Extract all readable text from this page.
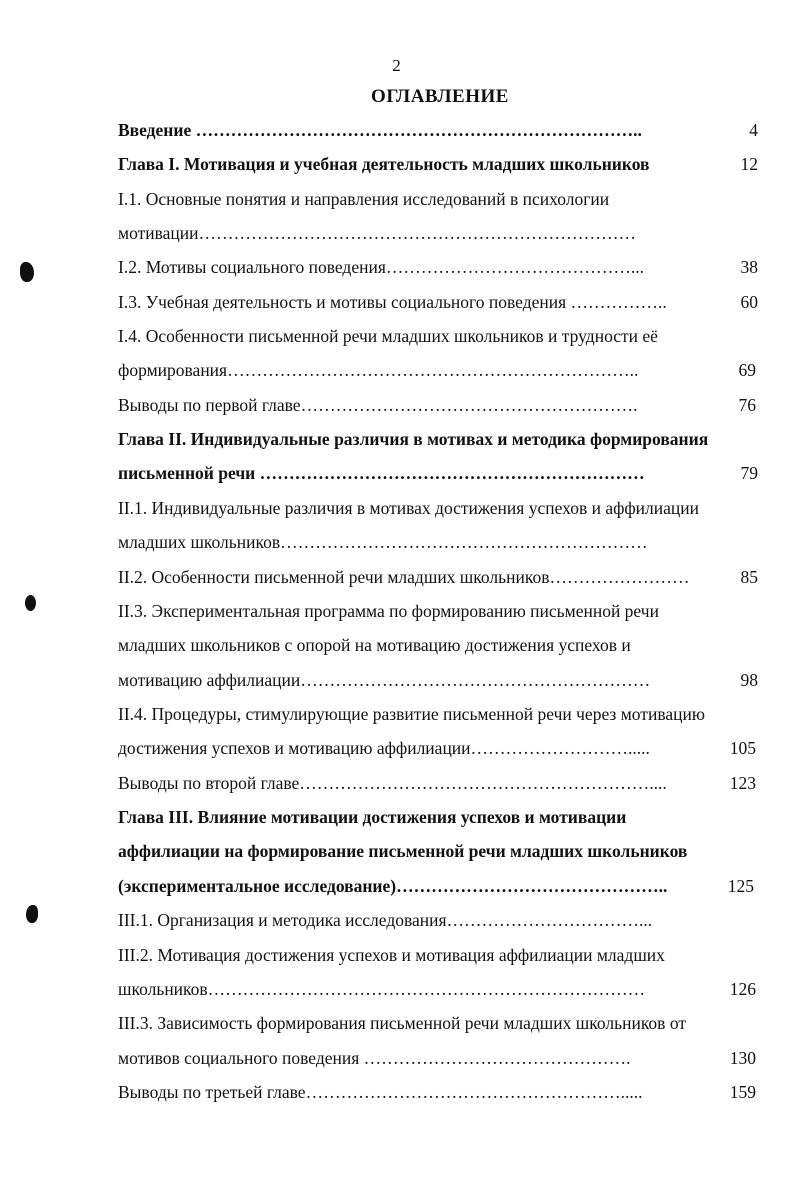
2
ОГЛАВЛЕНИЕ
Введение …………………………………………………………………..	4
Глава I. Мотивация и учебная деятельность младших школьников	12
I.1. Основные понятия и направления исследований в психологии
мотивации…………………………………………………………………
I.2. Мотивы социального поведения……………………………………...	38
I.3. Учебная деятельность и мотивы социального поведения ……………..	60
I.4. Особенности письменной речи младших школьников и трудности её
формирования……………………………………………………………..	69
Выводы по первой главе………………………………………………….	76
Глава II. Индивидуальные различия в мотивах и методика формирования
письменной речи …………………………………………………………	79
II.1. Индивидуальные различия в мотивах достижения успехов и аффилиации
младших школьников………………………………………………………
II.2. Особенности письменной речи младших школьников……………………	85
II.3. Экспериментальная программа по формированию письменной речи
младших школьников с опорой на мотивацию достижения успехов и
мотивацию аффилиации……………………………………………………	98
II.4. Процедуры, стимулирующие развитие письменной речи через мотивацию
достижения успехов и мотивацию аффилиации……………………….....	105
Выводы по второй главе……………………………………………………....	123
Глава III. Влияние мотивации достижения успехов и мотивации
аффилиации на формирование письменной речи младших школьников
(экспериментальное исследование)………………………………………..	125
III.1. Организация и методика исследования……………………………...
III.2. Мотивация достижения успехов и мотивация аффилиации младших
школьников…………………………………………………………………	126
III.3. Зависимость формирования письменной речи младших школьников от
мотивов социального поведения ……………………………………….	130
Выводы по третьей главе……………………………………………….....	159
